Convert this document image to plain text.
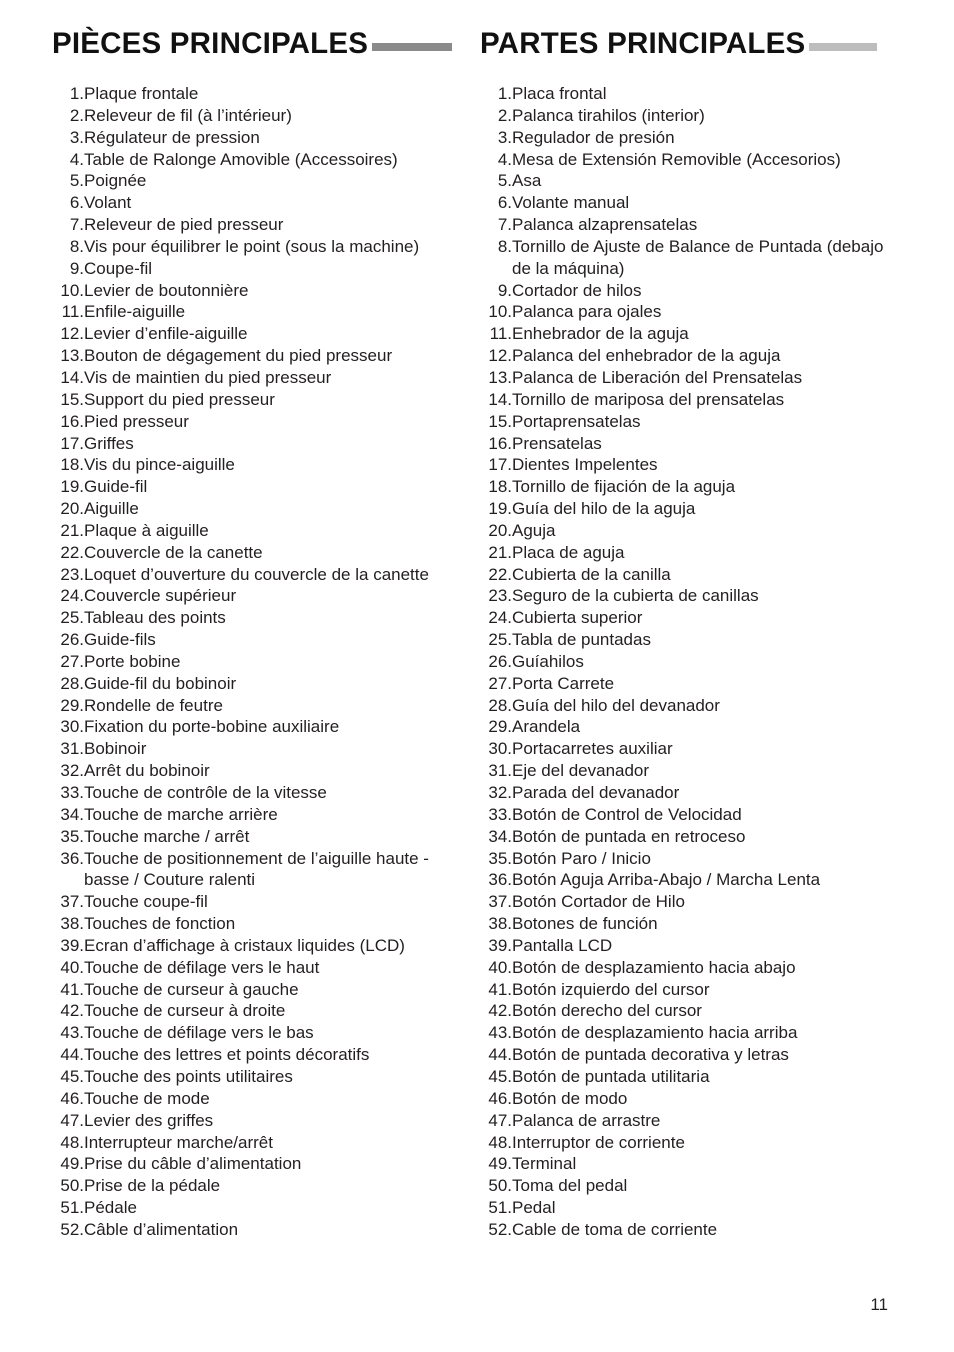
PIÈCES PRINCIPALES
1. Plaque frontale
2. Releveur de fil (à l’intérieur)
3. Régulateur de pression
4. Table de Ralonge Amovible (Accessoires)
5. Poignée
6. Volant
7. Releveur de pied presseur
8. Vis pour équilibrer le point (sous la machine)
9. Coupe-fil
10. Levier de boutonnière
11. Enfile-aiguille
12. Levier d’enfile-aiguille
13. Bouton de dégagement du pied presseur
14. Vis de maintien du pied presseur
15. Support du pied presseur
16. Pied presseur
17. Griffes
18. Vis du pince-aiguille
19. Guide-fil
20. Aiguille
21. Plaque à aiguille
22. Couvercle de la canette
23. Loquet d’ouverture du couvercle de la canette
24. Couvercle supérieur
25. Tableau des points
26. Guide-fils
27. Porte bobine
28. Guide-fil du bobinoir
29. Rondelle de feutre
30. Fixation du porte-bobine auxiliaire
31. Bobinoir
32. Arrêt du bobinoir
33. Touche de contrôle de la vitesse
34. Touche de marche arrière
35. Touche marche / arrêt
36. Touche de positionnement de l’aiguille haute - basse / Couture ralenti
37. Touche coupe-fil
38. Touches de fonction
39. Ecran d’affichage à cristaux liquides (LCD)
40. Touche de défilage vers le haut
41. Touche de curseur à gauche
42. Touche de curseur à droite
43. Touche de défilage vers le bas
44. Touche des lettres et points décoratifs
45. Touche des points utilitaires
46. Touche de mode
47. Levier des griffes
48. Interrupteur marche/arrêt
49. Prise du câble d’alimentation
50. Prise de la pédale
51. Pédale
52. Câble d’alimentation
PARTES PRINCIPALES
1. Placa frontal
2. Palanca tirahilos (interior)
3. Regulador de presión
4. Mesa de Extensión Removible (Accesorios)
5. Asa
6. Volante manual
7. Palanca alzaprensatelas
8. Tornillo de Ajuste de Balance de Puntada (debajo de la máquina)
9. Cortador de hilos
10. Palanca para ojales
11. Enhebrador de la aguja
12. Palanca del enhebrador de la aguja
13. Palanca de Liberación del Prensatelas
14. Tornillo de mariposa del prensatelas
15. Portaprensatelas
16. Prensatelas
17. Dientes Impelentes
18. Tornillo de fijación de la aguja
19. Guía del hilo de la aguja
20. Aguja
21. Placa de aguja
22. Cubierta de la canilla
23. Seguro de la cubierta de canillas
24. Cubierta superior
25. Tabla de puntadas
26. Guíahilos
27. Porta Carrete
28. Guía del hilo del devanador
29. Arandela
30. Portacarretes auxiliar
31. Eje del devanador
32. Parada del devanador
33. Botón de Control de Velocidad
34. Botón de puntada en retroceso
35. Botón Paro / Inicio
36. Botón Aguja Arriba-Abajo / Marcha Lenta
37. Botón Cortador de Hilo
38. Botones de función
39. Pantalla LCD
40. Botón de desplazamiento hacia abajo
41. Botón izquierdo del cursor
42. Botón derecho del cursor
43. Botón de desplazamiento hacia arriba
44. Botón de puntada decorativa y letras
45. Botón de puntada utilitaria
46. Botón de modo
47. Palanca de arrastre
48. Interruptor de corriente
49. Terminal
50. Toma del pedal
51. Pedal
52. Cable de toma de corriente
11
